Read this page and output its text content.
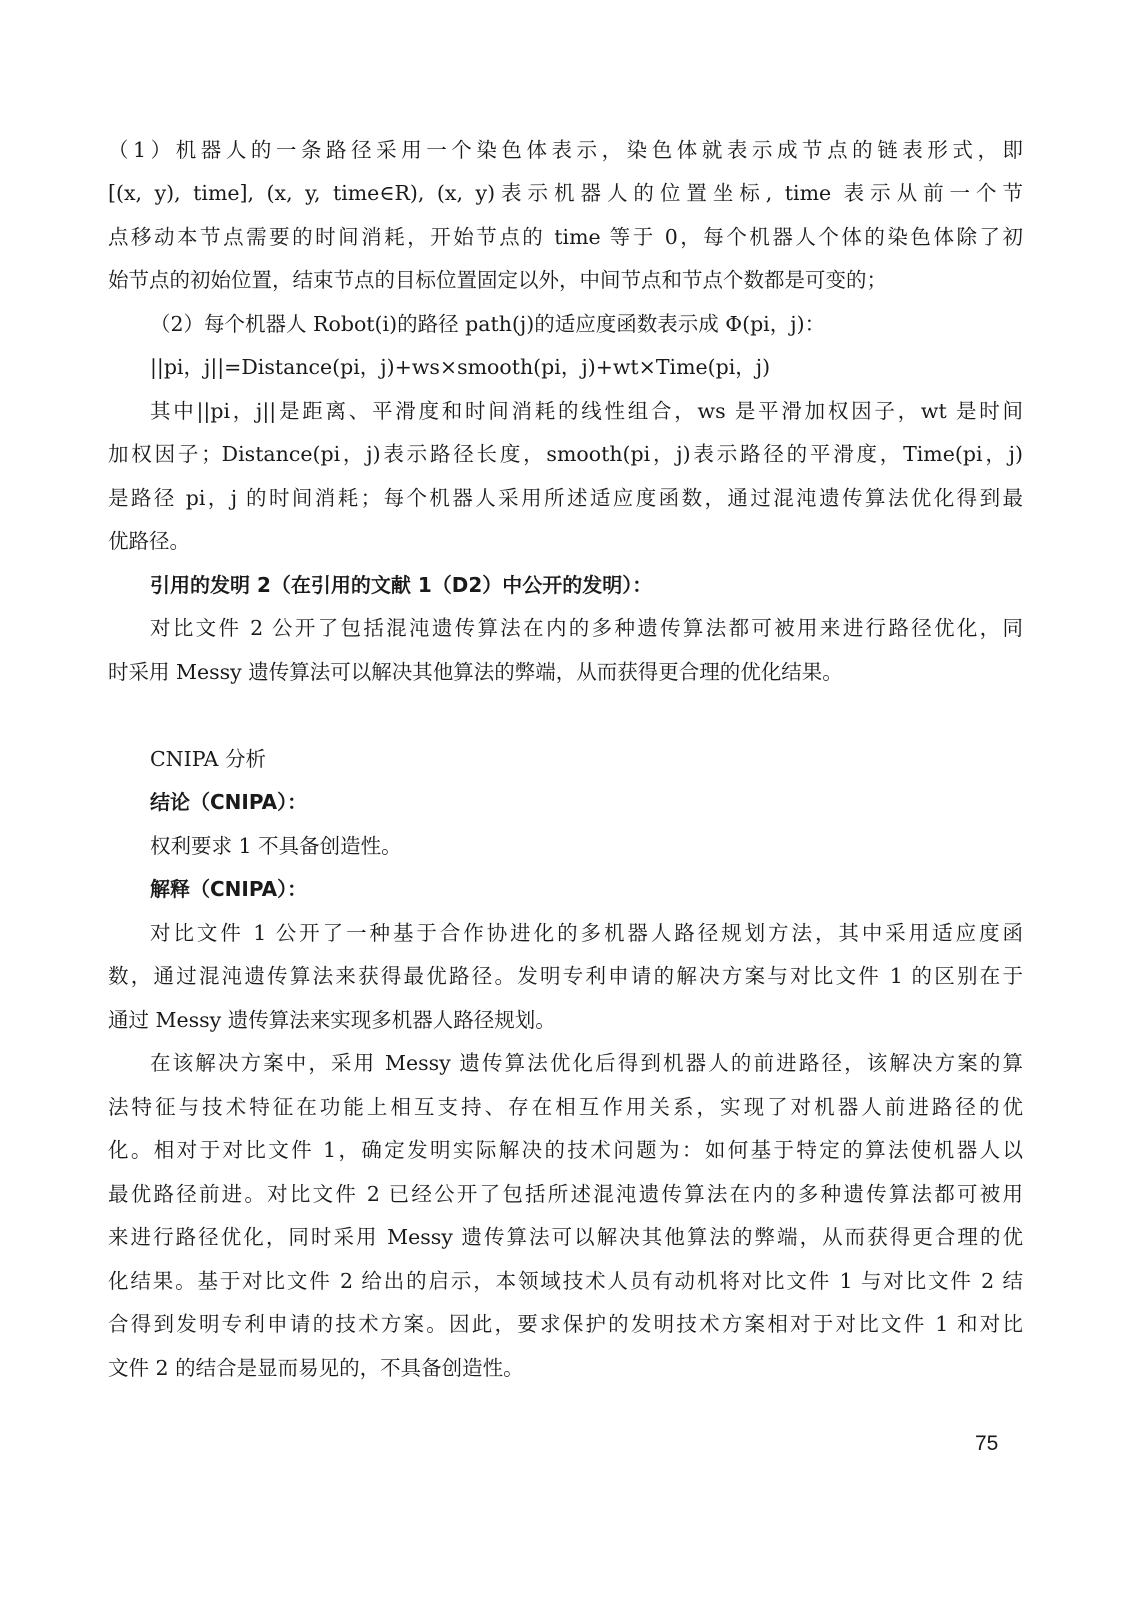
（1）机器人的一条路径采用一个染色体表示，染色体就表示成节点的链表形式，即

[(x, y), time], (x, y, time∈R), (x, y)表示机器人的位置坐标, time 表示从前一个节

点移动本节点需要的时间消耗，开始节点的 time 等于 0，每个机器人个体的染色体除了初

始节点的初始位置，结束节点的目标位置固定以外，中间节点和节点个数都是可变的；

（2）每个机器人 Robot(i)的路径 path(j)的适应度函数表示成 Φ(pi，j)：

||pi，j||=Distance(pi，j)+ws×smooth(pi，j)+wt×Time(pi，j)

其中||pi，j||是距离、平滑度和时间消耗的线性组合，ws 是平滑加权因子，wt 是时间

加权因子；Distance(pi，j)表示路径长度，smooth(pi，j)表示路径的平滑度，Time(pi，j)

是路径 pi，j 的时间消耗；每个机器人采用所述适应度函数，通过混沌遗传算法优化得到最

优路径。

引用的发明 2（在引用的文献 1（D2）中公开的发明）：

对比文件 2 公开了包括混沌遗传算法在内的多种遗传算法都可被用来进行路径优化，同

时采用 Messy 遗传算法可以解决其他算法的弊端，从而获得更合理的优化结果。

CNIPA 分析

结论（CNIPA）：

权利要求 1 不具备创造性。

解释（CNIPA）：

对比文件 1 公开了一种基于合作协进化的多机器人路径规划方法，其中采用适应度函

数，通过混沌遗传算法来获得最优路径。发明专利申请的解决方案与对比文件 1 的区别在于

通过 Messy 遗传算法来实现多机器人路径规划。

在该解决方案中，采用 Messy 遗传算法优化后得到机器人的前进路径，该解决方案的算

法特征与技术特征在功能上相互支持、存在相互作用关系，实现了对机器人前进路径的优

化。相对于对比文件 1，确定发明实际解决的技术问题为：如何基于特定的算法使机器人以

最优路径前进。对比文件 2 已经公开了包括所述混沌遗传算法在内的多种遗传算法都可被用

来进行路径优化，同时采用 Messy 遗传算法可以解决其他算法的弊端，从而获得更合理的优

化结果。基于对比文件 2 给出的启示，本领域技术人员有动机将对比文件 1 与对比文件 2 结

合得到发明专利申请的技术方案。因此，要求保护的发明技术方案相对于对比文件 1 和对比

文件 2 的结合是显而易见的，不具备创造性。

75
